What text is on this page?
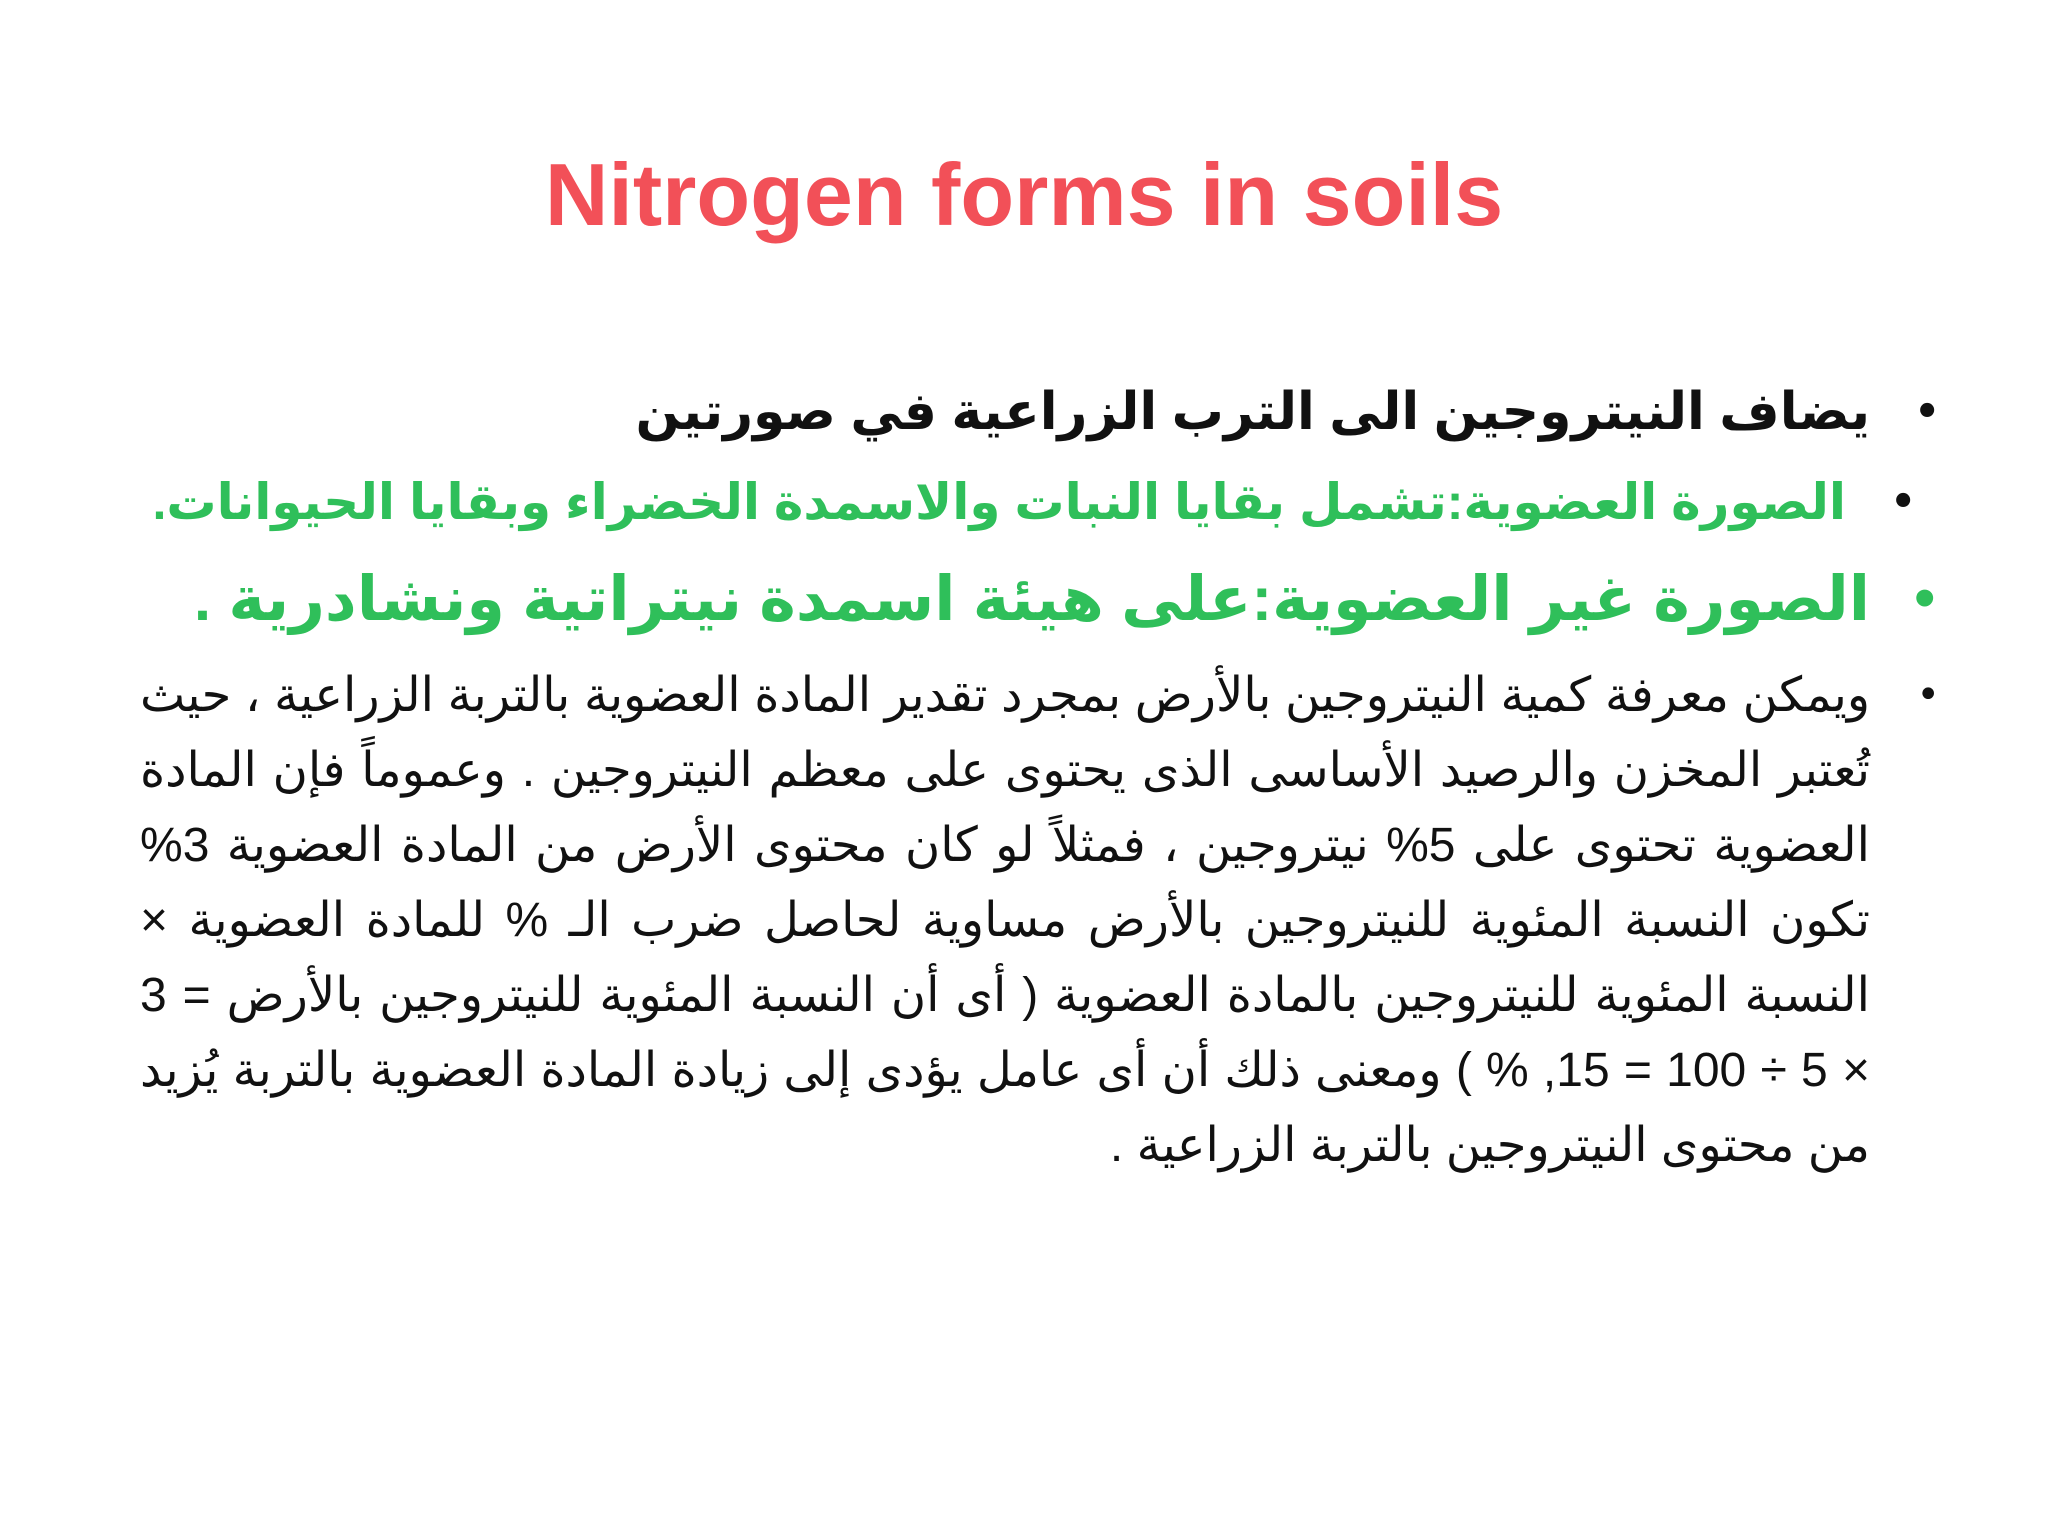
Nitrogen forms in soils
•
يضاف النيتروجين الى الترب الزراعية في صورتين
•
الصورة العضوية:تشمل بقايا النبات والاسمدة الخضراء وبقايا الحيوانات.
•
الصورة غير العضوية:على هيئة اسمدة نيتراتية ونشادرية .
•
ويمكن معرفة كمية النيتروجين بالأرض بمجرد تقدير المادة العضوية بالتربة الزراعية ، حيث تُعتبر المخزن والرصيد الأساسى الذى يحتوى على معظم النيتروجين . وعموماً فإن المادة العضوية تحتوى على 5% نيتروجين ، فمثلاً لو كان محتوى الأرض من المادة العضوية 3% تكون النسبة المئوية للنيتروجين بالأرض مساوية لحاصل ضرب الـ % للمادة العضوية × النسبة المئوية للنيتروجين بالمادة العضوية ( أى أن النسبة المئوية للنيتروجين بالأرض = 3 × 5 ÷ 100 = 15, % ) ومعنى ذلك أن أى عامل يؤدى إلى زيادة المادة العضوية بالتربة يُزيد من محتوى النيتروجين بالتربة الزراعية .
